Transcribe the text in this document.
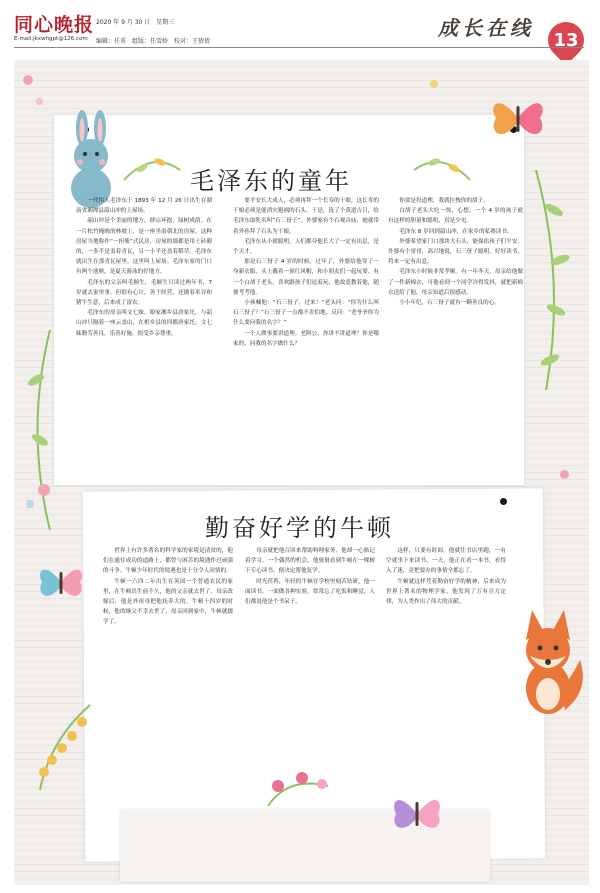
同心晚报 2020 年 9 月 30 日　星期三
E-mail:jkxwhgpt@126.com 编辑：任重　组版：任雪娇　校对：王倩倩
成长在线 13
毛泽东的童年

一代伟人毛泽东于 1893 年 12 月 26 日出生在湖南省湘潭县韶山冲的上屋场。

韶山冲是个美丽的地方，群山环抱，绿树成荫。在一片松竹掩映的林坡上，是一座坐南朝北的房屋。这种房屋当地称作“一担柴”式民房，房屋的墙都是用土砖砌的，一多半是盖着青瓦，另一小半还盖着稻草。毛泽东就出生在那青瓦屋里。这里叫上屋场。毛泽东家的门口有两个池塘，是夏天游泳的好地方。

毛泽东的父亲叫毛顺生，毛顺生只读过两年书，7 岁就去家里事，但很有心计，善于经营，还做着米谷和猪牛生意，后来成了富农。

毛泽东的母亲叫文七妹，娘家湘乡县唐家圫，与韶山冲只隔着一座云盖山，在相乡县的四都唐家圫。文七妹勤劳善良，乐善好施，很受乡亲尊重。

要平安长大成人，必须再拜一个长寿的干娘。这长寿的干娘必须是能消灾避祸的石头。于是，选了个黄道吉日，给毛泽东取乳名叫“石三伢子”。外婆家有个石观音庙，她就带着外孙拜了石头为干娘。

毛泽东从小就聪明，人们都夸他长大了一定有出息，是个天才。

那是石三伢子 4 岁的时候，过年了，外婆给他穿了一身新衣服，头上戴着一顶红风帽，和小朋友们一起玩耍。有一个白胡子老头，喜欢跟孩子们逗着玩，他故意教着他，随便考考他。

小孩喊他：“石三伢子，过来！”老头问：“你为什么叫石三伢子？”石三伢子一点都不害怕地，反问：“老爷爷你为什么要问我的名字？”

一个人做事要讲道理。老阿公，你讲不讲道理？你是哪家的，问我的名字做什么？

你要是投道理，我就拉拽你的胡子。

白胡子老头大吃一惊，心想，一个 4 岁的孩子就有这样的胆量和聪明，真是少见。

毛泽东 8 岁回到韶山冲，在家乡的私塾读书。

外婆希望家门口那块大石头，能保佑孩子们平安。外婆有个哥哥，高兴地说，石三伢子聪明，好好读书，将来一定有出息。

毛泽东小时候非常孝顺。有一年冬天，母亲给他做了一件新棉衣，可他看到一个同学冷得发抖，就把新棉衣送给了他，母亲知道后很感动。

小小年纪，石三伢子就有一颗善良的心。

勤奋好学的牛顿

世界上有许多著名的科学家的家境是清贫的，他们在通往成功的道路上，都曾与困苦的境遇作过顽强的斗争。牛顿少年时代的境遇也是十分令人同情的。

牛顿一六四二年出生在英国一个普通农民的家里，在牛顿出生前不久，他的父亲就去世了。母亲改嫁后，他是外祖母把他抚养大的。牛顿十四岁的时候，他的继父不幸去世了，母亲回到家中，牛顿就辍学了。

母亲就把他召回来帮助料理家务，他却一心惦记着学习。一个偶然的机会，他舅舅看到牛顿在一棵树下专心读书，便决定帮他复学。

时光荏苒，年轻的牛顿在学校里刻苦钻研，他一面读书，一面做各种实验，常常忘了吃饭和睡觉，人们都说他是个书呆子。

这样，只要有时间，他就往书店里跑，一有空就坐下来读书。一天，他正在看一本书，看得入了迷，竟把要办的事情全都忘了。

牛顿就这样凭着勤奋好学的精神，后来成为世界上著名的物理学家，他发现了万有引力定律，为人类作出了伟大的贡献。
